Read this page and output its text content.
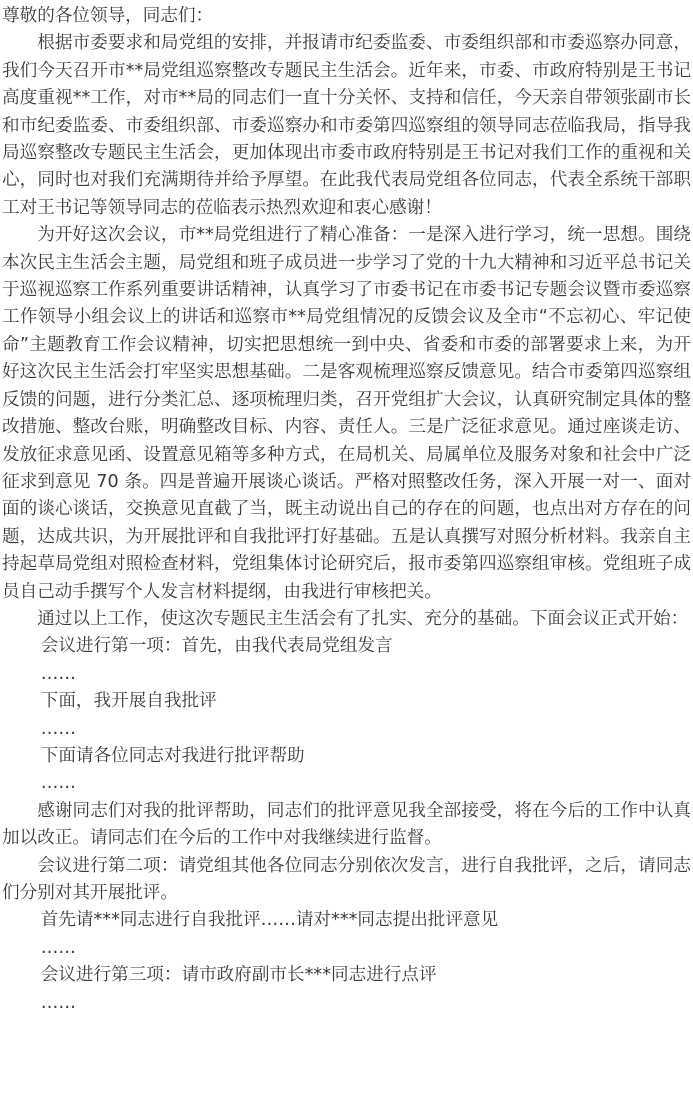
尊敬的各位领导，同志们：

根据市委要求和局党组的安排，并报请市纪委监委、市委组织部和市委巡察办同意，我们今天召开市**局党组巡察整改专题民主生活会。近年来，市委、市政府特别是王书记高度重视**工作，对市**局的同志们一直十分关怀、支持和信任，今天亲自带领张副市长和市纪委监委、市委组织部、市委巡察办和市委第四巡察组的领导同志莅临我局，指导我局巡察整改专题民主生活会，更加体现出市委市政府特别是王书记对我们工作的重视和关心，同时也对我们充满期待并给予厚望。在此我代表局党组各位同志，代表全系统干部职工对王书记等领导同志的莅临表示热烈欢迎和衷心感谢！

为开好这次会议，市**局党组进行了精心准备：一是深入进行学习，统一思想。围绕本次民主生活会主题，局党组和班子成员进一步学习了党的十九大精神和习近平总书记关于巡视巡察工作系列重要讲话精神，认真学习了市委书记在市委书记专题会议暨市委巡察工作领导小组会议上的讲话和巡察市**局党组情况的反馈会议及全市“不忘初心、牢记使命”主题教育工作会议精神，切实把思想统一到中央、省委和市委的部署要求上来，为开好这次民主生活会打牢坚实思想基础。二是客观梳理巡察反馈意见。结合市委第四巡察组反馈的问题，进行分类汇总、逐项梳理归类，召开党组扩大会议，认真研究制定具体的整改措施、整改台账，明确整改目标、内容、责任人。三是广泛征求意见。通过座谈走访、发放征求意见函、设置意见箱等多种方式，在局机关、局属单位及服务对象和社会中广泛征求到意见 70 条。四是普遍开展谈心谈话。严格对照整改任务，深入开展一对一、面对面的谈心谈话，交换意见直截了当，既主动说出自己的存在的问题，也点出对方存在的问题，达成共识，为开展批评和自我批评打好基础。五是认真撰写对照分析材料。我亲自主持起草局党组对照检查材料，党组集体讨论研究后，报市委第四巡察组审核。党组班子成员自己动手撰写个人发言材料提纲，由我进行审核把关。

通过以上工作，使这次专题民主生活会有了扎实、充分的基础。下面会议正式开始：

会议进行第一项：首先，由我代表局党组发言

……

下面，我开展自我批评

……

下面请各位同志对我进行批评帮助

……

感谢同志们对我的批评帮助，同志们的批评意见我全部接受，将在今后的工作中认真加以改正。请同志们在今后的工作中对我继续进行监督。

会议进行第二项：请党组其他各位同志分别依次发言，进行自我批评，之后，请同志们分别对其开展批评。

首先请***同志进行自我批评……请对***同志提出批评意见

……

会议进行第三项：请市政府副市长***同志进行点评

……
